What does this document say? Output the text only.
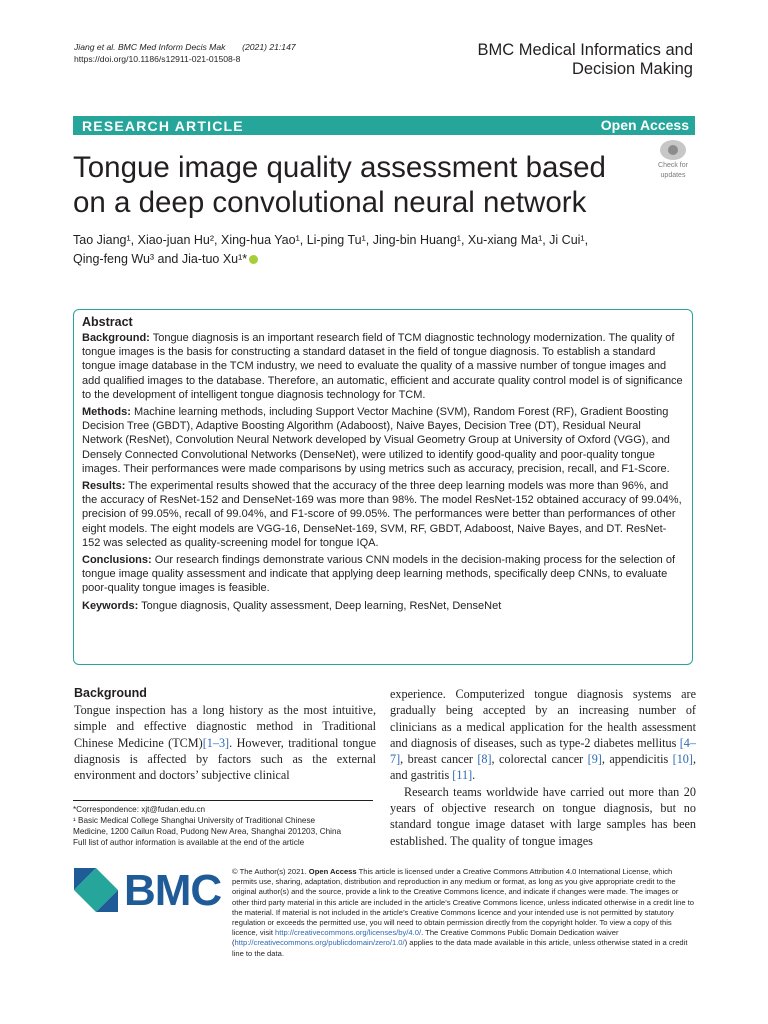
Jiang et al. BMC Med Inform Decis Mak (2021) 21:147
https://doi.org/10.1186/s12911-021-01508-8	BMC Medical Informatics and
Decision Making
RESEARCH ARTICLE	Open Access
Tongue image quality assessment based
on a deep convolutional neural network
Check for
updates
Tao Jiang¹, Xiao-juan Hu², Xing-hua Yao¹, Li-ping Tu¹, Jing-bin Huang¹, Xu-xiang Ma¹, Ji Cui¹,
Qing-feng Wu³ and Jia-tuo Xu¹*
Abstract

Background: Tongue diagnosis is an important research field of TCM diagnostic technology modernization. The quality of tongue images is the basis for constructing a standard dataset in the field of tongue diagnosis. To establish a standard tongue image database in the TCM industry, we need to evaluate the quality of a massive number of tongue images and add qualified images to the database. Therefore, an automatic, efficient and accurate quality control model is of significance to the development of intelligent tongue diagnosis technology for TCM.

Methods: Machine learning methods, including Support Vector Machine (SVM), Random Forest (RF), Gradient Boosting Decision Tree (GBDT), Adaptive Boosting Algorithm (Adaboost), Naive Bayes, Decision Tree (DT), Residual Neural Network (ResNet), Convolution Neural Network developed by Visual Geometry Group at University of Oxford (VGG), and Densely Connected Convolutional Networks (DenseNet), were utilized to identify good-quality and poor-quality tongue images. Their performances were made comparisons by using metrics such as accuracy, precision, recall, and F1-Score.

Results: The experimental results showed that the accuracy of the three deep learning models was more than 96%, and the accuracy of ResNet-152 and DenseNet-169 was more than 98%. The model ResNet-152 obtained accuracy of 99.04%, precision of 99.05%, recall of 99.04%, and F1-score of 99.05%. The performances were better than performances of other eight models. The eight models are VGG-16, DenseNet-169, SVM, RF, GBDT, Adaboost, Naive Bayes, and DT. ResNet-152 was selected as quality-screening model for tongue IQA.

Conclusions: Our research findings demonstrate various CNN models in the decision-making process for the selection of tongue image quality assessment and indicate that applying deep learning methods, specifically deep CNNs, to evaluate poor-quality tongue images is feasible.

Keywords: Tongue diagnosis, Quality assessment, Deep learning, ResNet, DenseNet

Background

Tongue inspection has a long history as the most intuitive, simple and effective diagnostic method in Traditional Chinese Medicine (TCM)[1–3]. However, traditional tongue diagnosis is affected by factors such as the external environment and doctors’ subjective clinical

experience. Computerized tongue diagnosis systems are gradually being accepted by an increasing number of clinicians as a medical application for the health assessment and diagnosis of diseases, such as type-2 diabetes mellitus [4–7], breast cancer [8], colorectal cancer [9], appendicitis [10], and gastritis [11].

Research teams worldwide have carried out more than 20 years of objective research on tongue diagnosis, but no standard tongue image dataset with large samples has been established. The quality of tongue images

*Correspondence: xjt@fudan.edu.cn
¹ Basic Medical College Shanghai University of Traditional Chinese
Medicine, 1200 Cailun Road, Pudong New Area, Shanghai 201203, China
Full list of author information is available at the end of the article
BMC © The Author(s) 2021. Open Access This article is licensed under a Creative Commons Attribution 4.0 International License, which permits use, sharing, adaptation, distribution and reproduction in any medium or format, as long as you give appropriate credit to the original author(s) and the source, provide a link to the Creative Commons licence, and indicate if changes were made. The images or other third party material in this article are included in the article’s Creative Commons licence, unless indicated otherwise in a credit line to the material. If material is not included in the article’s Creative Commons licence and your intended use is not permitted by statutory regulation or exceeds the permitted use, you will need to obtain permission directly from the copyright holder. To view a copy of this licence, visit http://creativecommons.org/licenses/by/4.0/. The Creative Commons Public Domain Dedication waiver (http://creativecommons.org/publicdomain/zero/1.0/) applies to the data made available in this article, unless otherwise stated in a credit line to the data.
